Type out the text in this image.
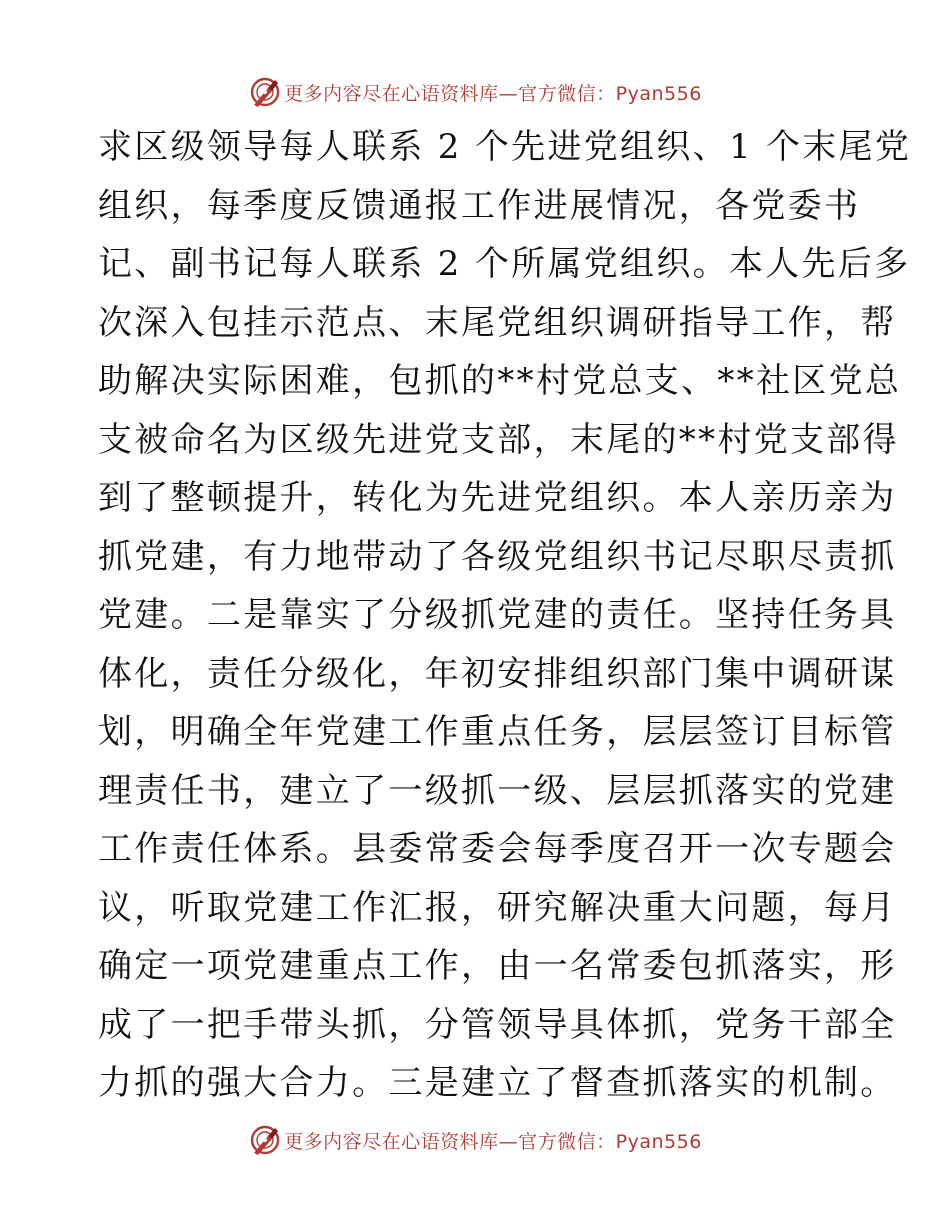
更多内容尽在心语资料库—官方微信：Pyan556
求区级领导每人联系 2 个先进党组织、1 个末尾党
组织，每季度反馈通报工作进展情况，各党委书
记、副书记每人联系 2 个所属党组织。本人先后多
次深入包挂示范点、末尾党组织调研指导工作，帮
助解决实际困难，包抓的**村党总支、**社区党总
支被命名为区级先进党支部，末尾的**村党支部得
到了整顿提升，转化为先进党组织。本人亲历亲为
抓党建，有力地带动了各级党组织书记尽职尽责抓
党建。二是靠实了分级抓党建的责任。坚持任务具
体化，责任分级化，年初安排组织部门集中调研谋
划，明确全年党建工作重点任务，层层签订目标管
理责任书，建立了一级抓一级、层层抓落实的党建
工作责任体系。县委常委会每季度召开一次专题会
议，听取党建工作汇报，研究解决重大问题，每月
确定一项党建重点工作，由一名常委包抓落实，形
成了一把手带头抓，分管领导具体抓，党务干部全
力抓的强大合力。三是建立了督查抓落实的机制。
更多内容尽在心语资料库—官方微信：Pyan556
